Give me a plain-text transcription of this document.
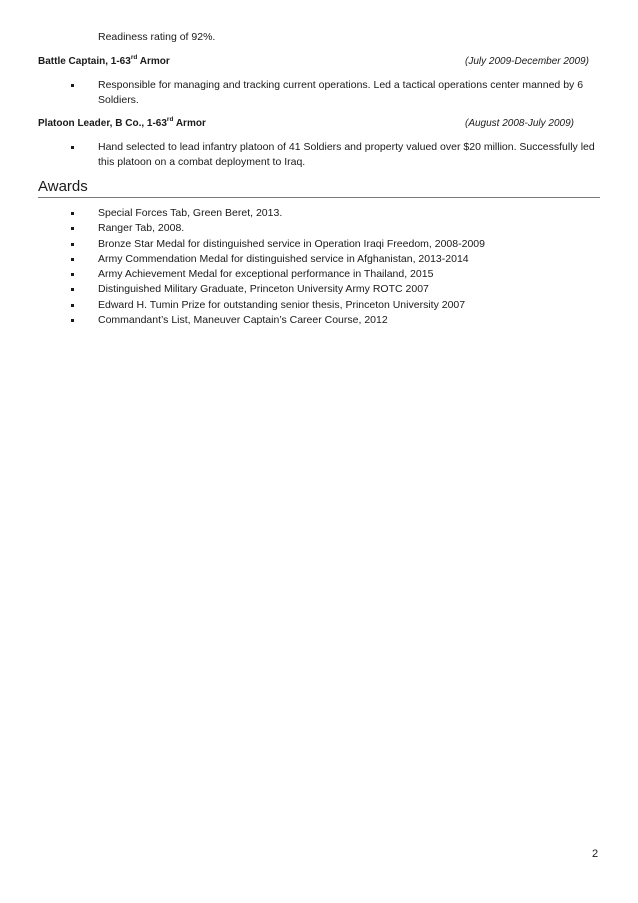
Readiness rating of 92%.
Battle Captain, 1-63rd Armor	(July 2009-December 2009)
Responsible for managing and tracking current operations. Led a tactical operations center manned by 6 Soldiers.
Platoon Leader, B Co., 1-63rd Armor	(August 2008-July 2009)
Hand selected to lead infantry platoon of 41 Soldiers and property valued over $20 million. Successfully led this platoon on a combat deployment to Iraq.
Awards
Special Forces Tab, Green Beret, 2013.
Ranger Tab, 2008.
Bronze Star Medal for distinguished service in Operation Iraqi Freedom, 2008-2009
Army Commendation Medal for distinguished service in Afghanistan, 2013-2014
Army Achievement Medal for exceptional performance in Thailand, 2015
Distinguished Military Graduate, Princeton University Army ROTC 2007
Edward H. Tumin Prize for outstanding senior thesis, Princeton University 2007
Commandant’s List, Maneuver Captain’s Career Course, 2012
2
